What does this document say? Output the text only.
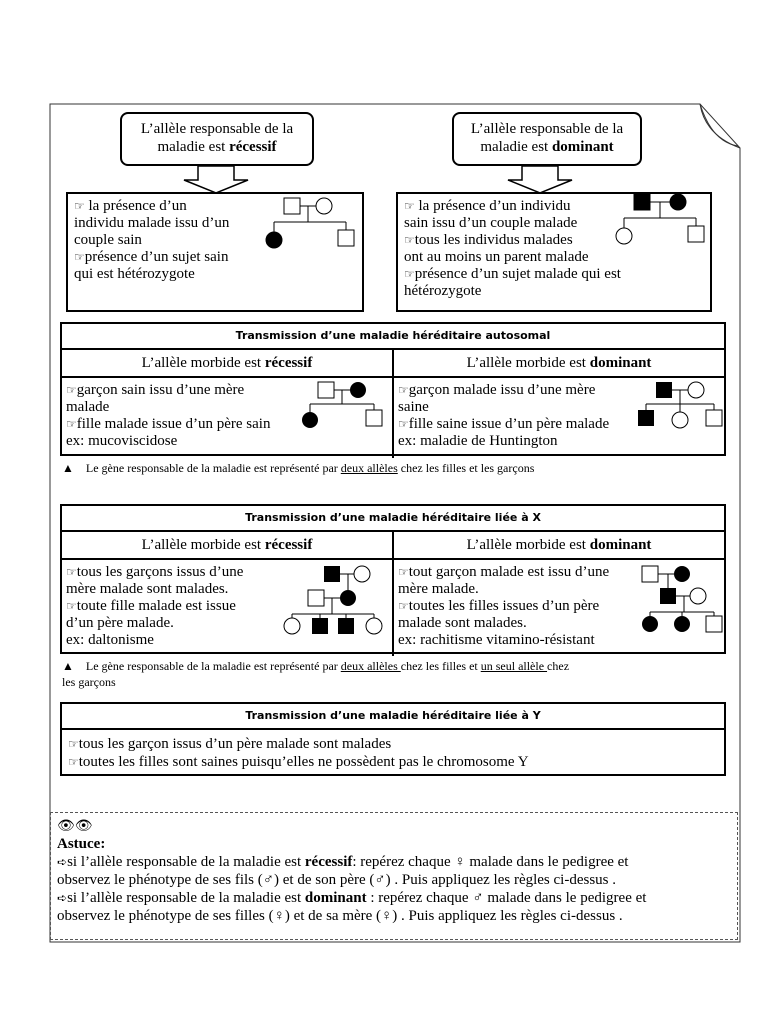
L’allèle responsable de la
maladie est récessif
L’allèle responsable de la
maladie est dominant

☞ la présence d’un

individu malade issu d’un

couple sain

☞présence d’un sujet sain

qui est hétérozygote

☞ la présence d’un individu

sain issu d’un couple malade

☞tous les individus malades

ont au moins un parent malade

☞présence d’un sujet malade qui est

hétérozygote

Transmission d’une maladie héréditaire autosomal
L’allèle morbide est récessif	L’allèle morbide est dominant

☞garçon sain issu d’une mère

malade

☞fille malade issue d’un père sain

ex: mucoviscidose

☞garçon malade issu d’une mère

saine

☞fille saine issue d’un père malade

ex: maladie de Huntington

▲ Le gène responsable de la maladie est représenté par deux allèles chez les filles et les garçons
Transmission d’une maladie héréditaire liée à X
L’allèle morbide est récessif	L’allèle morbide est dominant

☞tous les garçons issus d’une

mère malade sont malades.

☞toute fille malade est issue

d’un père malade.

ex: daltonisme

☞tout garçon malade est issu d’une

mère malade.

☞toutes les filles issues d’un père

malade sont malades.

ex: rachitisme vitamino-résistant

▲ Le gène responsable de la maladie est représenté par deux allèles chez les filles et un seul allèle chez
les garçons
Transmission d’une maladie héréditaire liée à Y
☞tous les garçon issus d’un père malade sont malades
☞toutes les filles sont saines puisqu’elles ne possèdent pas le chromosome Y

👁👁

Astuce:

➪si l’allèle responsable de la maladie est récessif: repérez chaque ♀ malade dans le pedigree et

observez le phénotype de ses fils (♂) et de son père (♂) . Puis appliquez les règles ci-dessus .

➪si l’allèle responsable de la maladie est dominant : repérez chaque ♂ malade dans le pedigree et

observez le phénotype de ses filles (♀) et de sa mère (♀) . Puis appliquez les règles ci-dessus .
